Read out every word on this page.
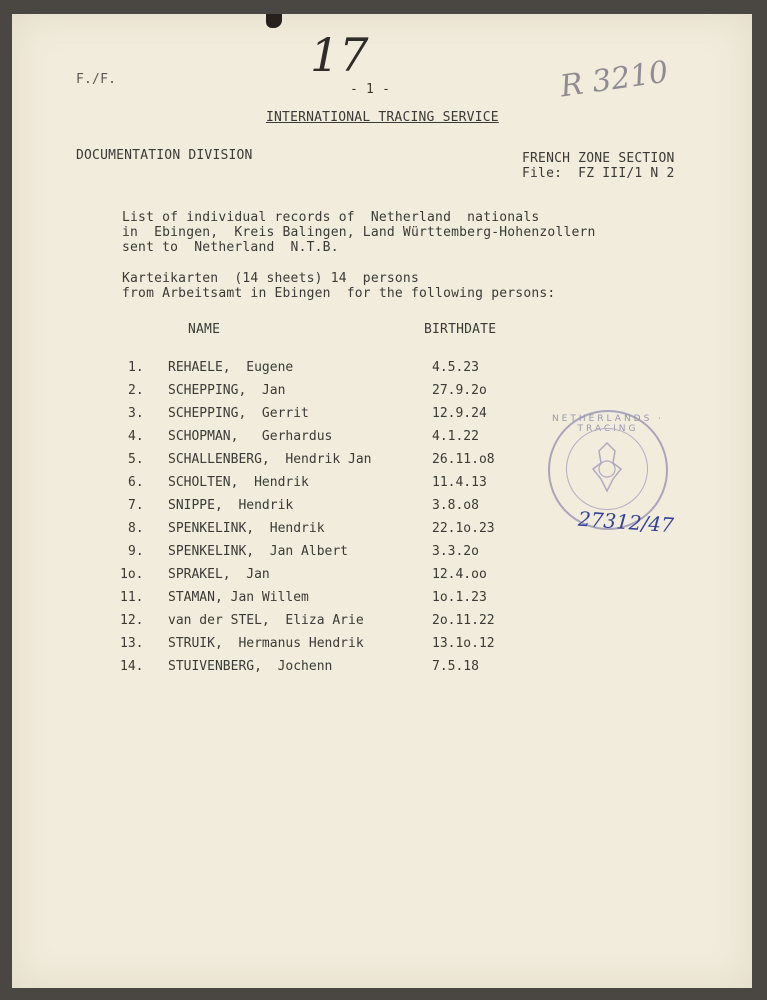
17	R 3210
F./F.
- 1 -
INTERNATIONAL TRACING SERVICE
DOCUMENTATION DIVISION	FRENCH ZONE SECTION
File:  FZ III/1 N 2
List of individual records of  Netherland  nationals
in  Ebingen,  Kreis Balingen, Land Württemberg-Hohenzollern
sent to  Netherland  N.T.B.
Karteikarten  (14 sheets) 14  persons
from Arbeitsamt in Ebingen  for the following persons:
NAME	BIRTHDATE
1. REHAELE,  Eugene	4.5.23
2. SCHEPPING,  Jan	27.9.2o
3. SCHEPPING,  Gerrit	12.9.24
4. SCHOPMAN,   Gerhardus	4.1.22
5. SCHALLENBERG,  Hendrik Jan	26.11.o8
6. SCHOLTEN,  Hendrik	11.4.13
7. SNIPPE,  Hendrik	3.8.o8
8. SPENKELINK,  Hendrik	22.1o.23
9. SPENKELINK,  Jan Albert	3.3.2o
1o. SPRAKEL,  Jan	12.4.oo
11. STAMAN, Jan Willem	1o.1.23
12. van der STEL,  Eliza Arie	2o.11.22
13. STRUIK,  Hermanus Hendrik	13.1o.12
14. STUIVENBERG,  Jochenn	7.5.18
NETHERLANDS · TRACING
27312/47
